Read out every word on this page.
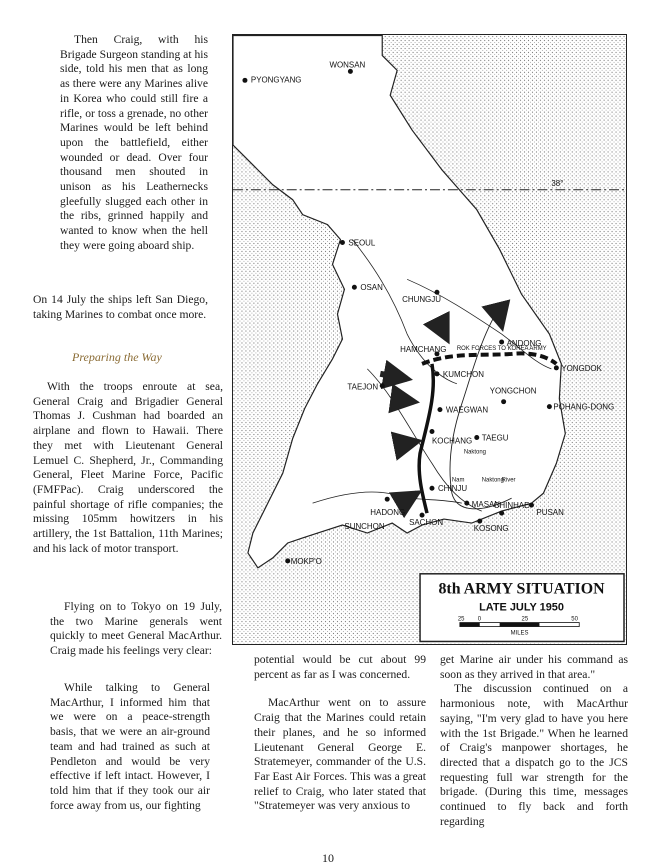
Then Craig, with his Brigade Surgeon standing at his side, told his men that as long as there were any Marines alive in Korea who could still fire a rifle, or toss a grenade, no other Marines would be left behind upon the battlefield, either wounded or dead. Over four thousand men shouted in unison as his Leathernecks gleefully slugged each other in the ribs, grinned happily and wanted to know when the hell they were going aboard ship.

On 14 July the ships left San Diego, taking Marines to combat once more.

Preparing the Way

With the troops enroute at sea, General Craig and Brigadier General Thomas J. Cushman had boarded an airplane and flown to Hawaii. There they met with Lieutenant General Lemuel C. Shepherd, Jr., Commanding General, Fleet Marine Force, Pacific (FMFPac). Craig underscored the painful shortage of rifle companies; the missing 105mm howitzers in his artillery, the 1st Battalion, 11th Marines; and his lack of motor transport.

Flying on to Tokyo on 19 July, the two Marine generals went quickly to meet General MacArthur. Craig made his feelings very clear:

While talking to General MacArthur, I informed him that we were on a peace-strength basis, that we were an air-ground team and had trained as such at Pendleton and would be very effective if left intact. However, I told him that if they took our air force away from us, our fighting

potential would be cut about 99 percent as far as I was concerned.

MacArthur went on to assure Craig that the Marines could retain their planes, and he so informed Lieutenant General George E. Stratemeyer, commander of the U.S. Far East Air Forces. This was a great relief to Craig, who later stated that "Stratemeyer was very anxious to

get Marine air under his command as soon as they arrived in that area."

The discussion continued on a harmonious note, with MacArthur saying, "I'm very glad to have you here with the 1st Brigade." When he learned of Craig's manpower shortages, he directed that a dispatch go to the JCS requesting full war strength for the brigade. (During this time, messages continued to fly back and forth regarding

38°
ROK FORCES TO KOREA ARMY
WONSAN
PYONGYANG
SEOUL
OSAN
CHUNGJU
ANDONG
HAMCHANG
YONGDOK
TAEJON
KUMCHON
WAEGWAN
YONGCHON
POHANG-DONG
KOCHANG TAEGU
CHINJU
MASAN
PUSAN
CHINHAE
HADONG
SUNCHON	SACHON
KOSONG
MOKP'O
Naktong
Naktong
River
Nam
8th ARMY SITUATION
LATE JULY 1950
25 0	25	50
MILES

10
